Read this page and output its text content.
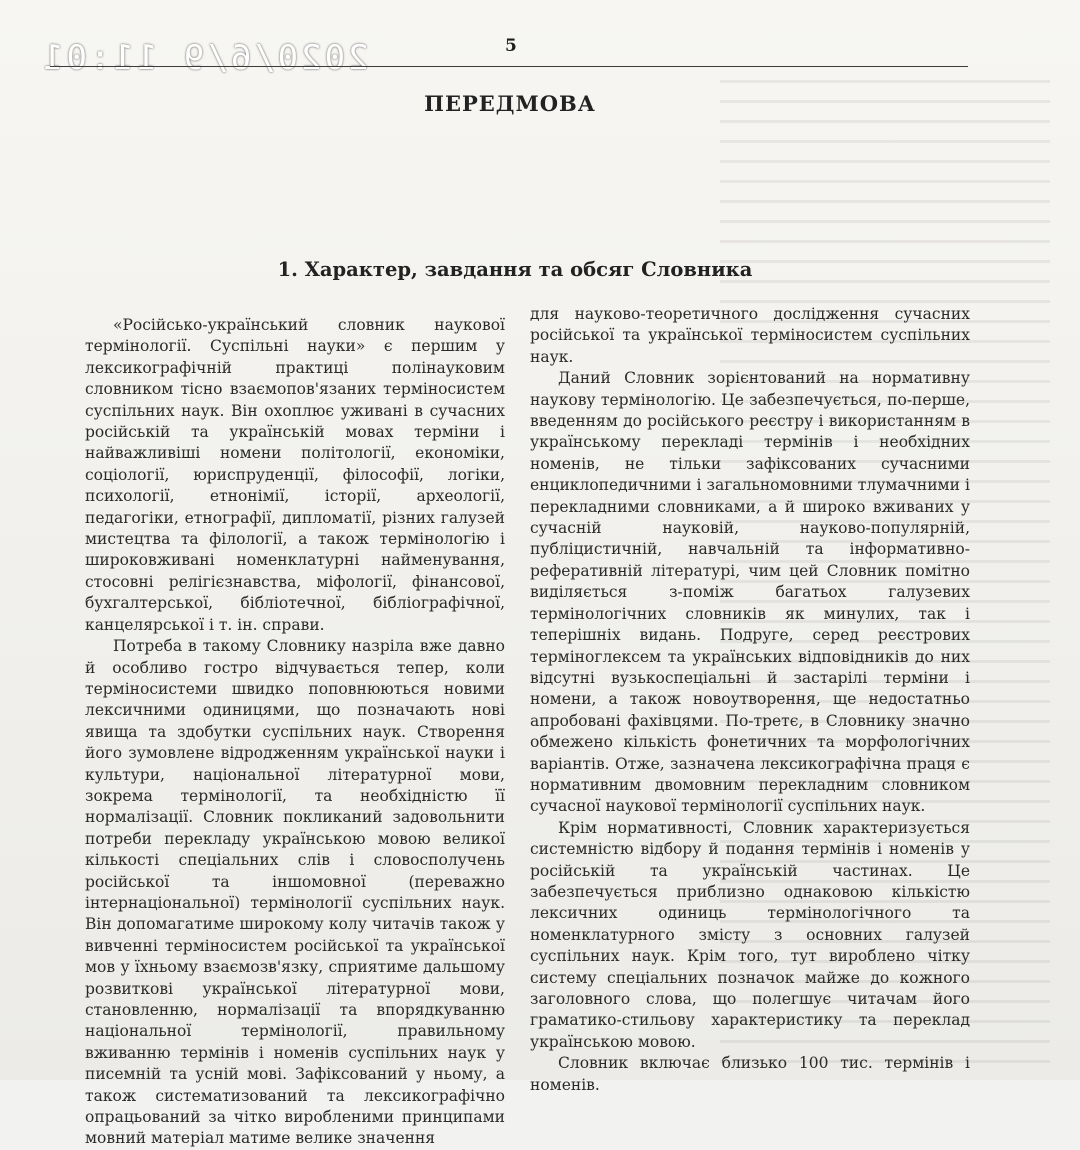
2020/6/9 11:01	5
ПЕРЕДМОВА
1. Характер, завдання та обсяг Словника

«Російсько-український словник наукової термінології. Суспільні науки» є першим у лексикографічній практиці полінауковим словником тісно взаємопов'язаних терміносистем суспільних наук. Він охоплює уживані в сучасних російській та українській мовах терміни і найважливіші номени політології, економіки, соціології, юриспруденції, філософії, логіки, психології, етнонімії, історії, археології, педагогіки, етнографії, дипломатії, різних галузей мистецтва та філології, а також термінологію і широковживані номенклатурні найменування, стосовні релігієзнавства, міфології, фінансової, бухгалтерської, бібліотечної, бібліографічної, канцелярської і т. ін. справи.

Потреба в такому Словнику назріла вже давно й особливо гостро відчувається тепер, коли терміносистеми швидко поповнюються новими лексичними одиницями, що позначають нові явища та здобутки суспільних наук. Створення його зумовлене відродженням української науки і культури, національної літературної мови, зокрема термінології, та необхідністю її нормалізації. Словник покликаний задовольнити потреби перекладу українською мовою великої кількості спеціальних слів і словосполучень російської та іншомовної (переважно інтернаціональної) термінології суспільних наук. Він допомагатиме широкому колу читачів також у вивченні терміносистем російської та української мов у їхньому взаємозв'язку, сприятиме дальшому розвиткові української літературної мови, становленню, нормалізації та впорядкуванню національної термінології, правильному вживанню термінів і номенів суспільних наук у писемній та усній мові. Зафіксований у ньому, а також систематизований та лексикографічно опрацьований за чітко виробленими принципами мовний матеріал матиме велике значення

для науково-теоретичного дослідження сучасних російської та української терміносистем суспільних наук.

Даний Словник зорієнтований на нормативну наукову термінологію. Це забезпечується, по-перше, введенням до російського реєстру і використанням в українському перекладі термінів і необхідних номенів, не тільки зафіксованих сучасними енциклопедичними і загальномовними тлумачними і перекладними словниками, а й широко вживаних у сучасній науковій, науково-популярній, публіцистичній, навчальній та інформативно-реферативній літературі, чим цей Словник помітно виділяється з-поміж багатьох галузевих термінологічних словників як минулих, так і теперішніх видань. Подруге, серед реєстрових терміноглексем та українських відповідників до них відсутні вузькоспеціальні й застарілі терміни і номени, а також новоутворення, ще недостатньо апробовані фахівцями. По-третє, в Словнику значно обмежено кількість фонетичних та морфологічних варіантів. Отже, зазначена лексикографічна праця є нормативним двомовним перекладним словником сучасної наукової термінології суспільних наук.

Крім нормативності, Словник характеризується системністю відбору й подання термінів і номенів у російській та українській частинах. Це забезпечується приблизно однаковою кількістю лексичних одиниць термінологічного та номенклатурного змісту з основних галузей суспільних наук. Крім того, тут вироблено чітку систему спеціальних позначок майже до кожного заголовного слова, що полегшує читачам його граматико-стильову характеристику та переклад українською мовою.

Словник включає близько 100 тис. термінів і номенів.
